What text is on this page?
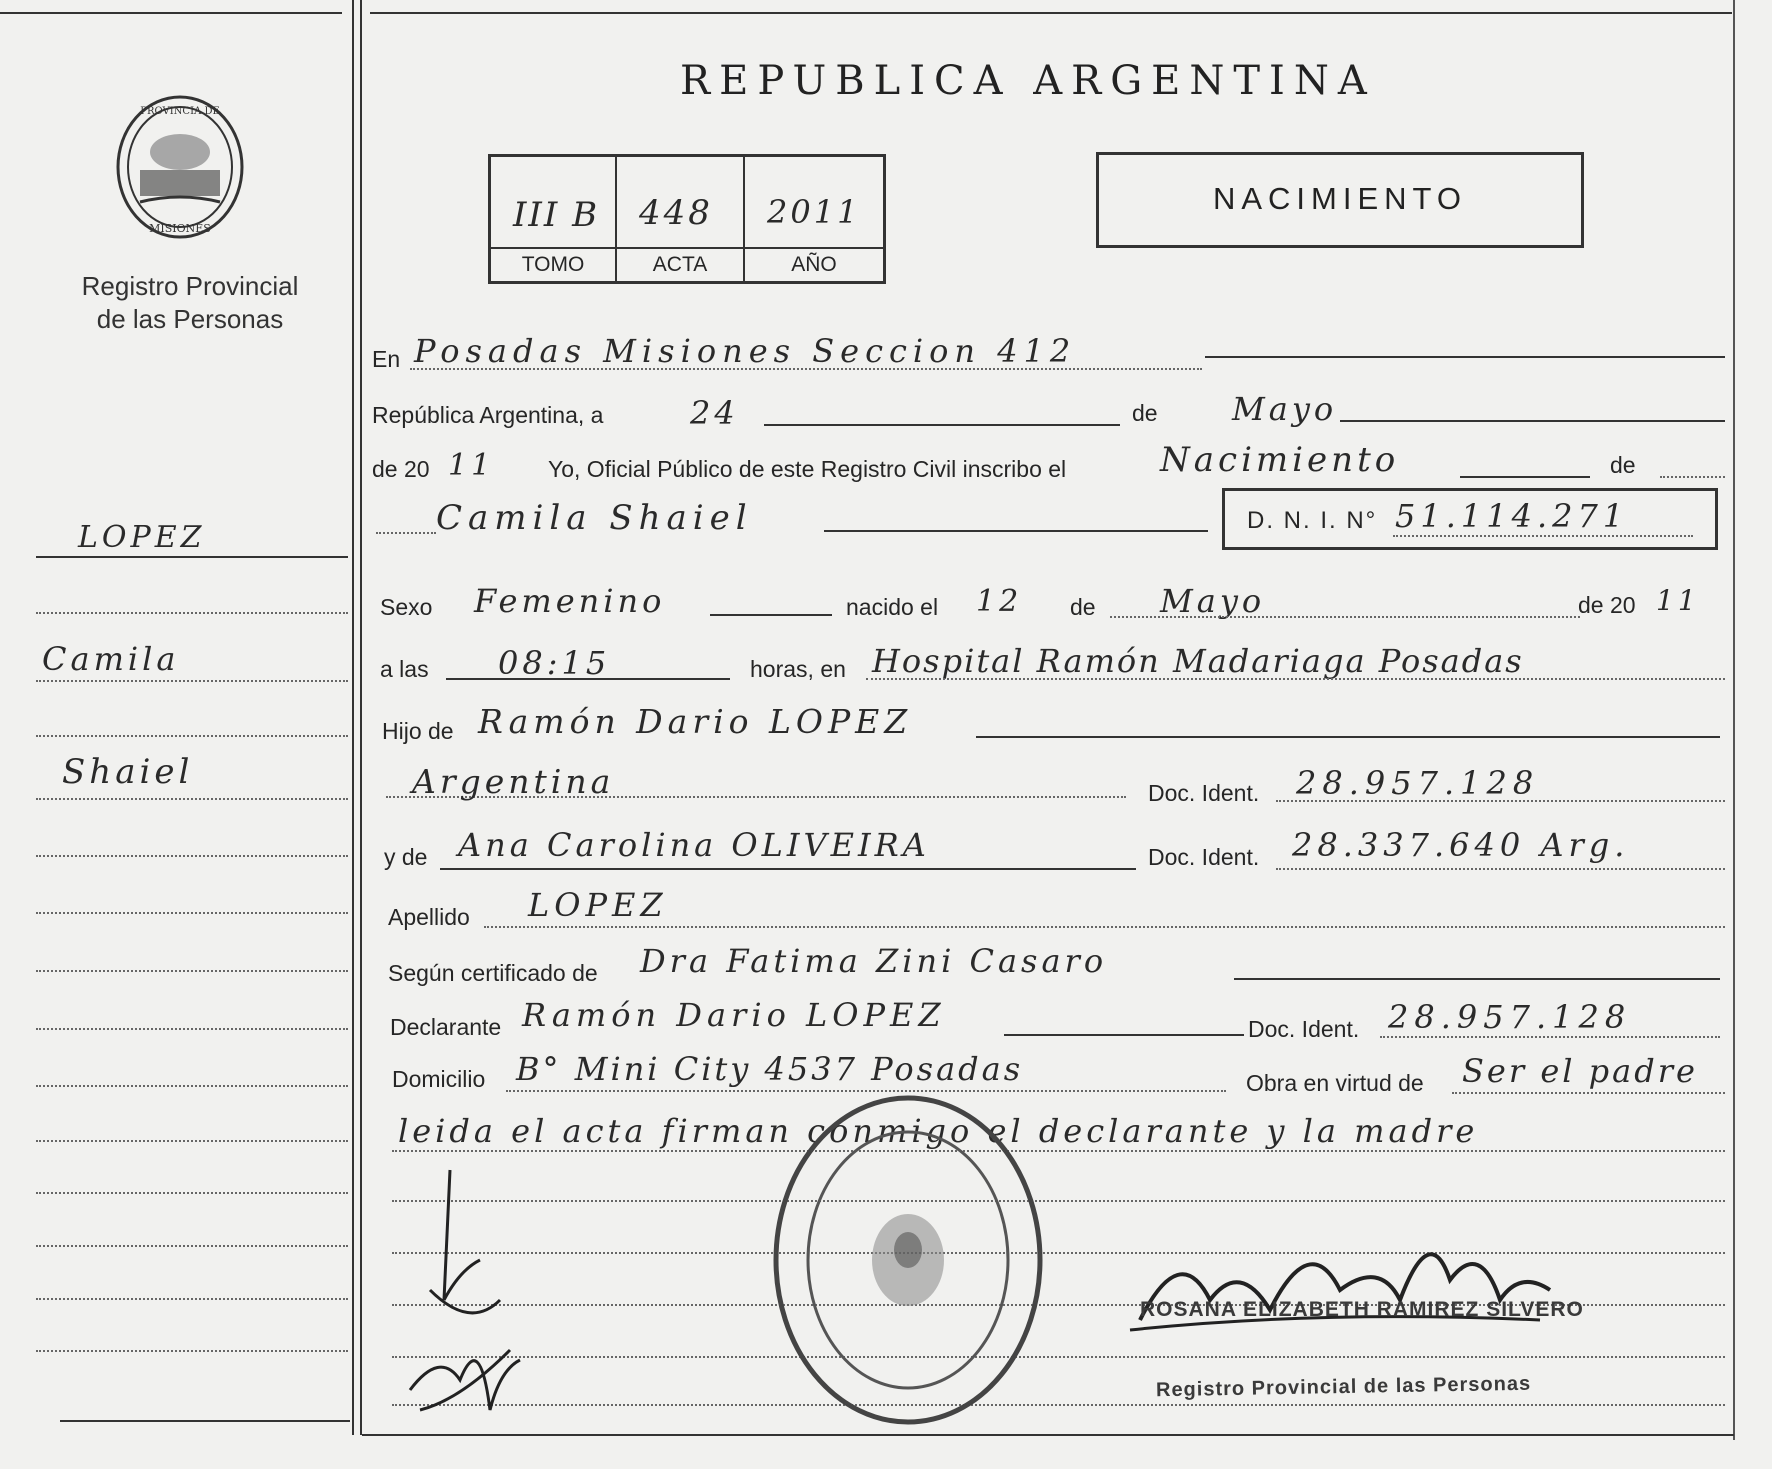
PROVINCIA DE
MISIONES
Registro Provincial
de las Personas
LOPEZ
Camila
Shaiel
REPUBLICA ARGENTINA
III B 448 2011
TOMO	ACTA	AÑO
NACIMIENTO
En Posadas Misiones Seccion 412
República Argentina, a	24	de Mayo
de 20 11 Yo, Oficial Público de este Registro Civil inscribo el	Nacimiento	de
Camila Shaiel	D. N. I. N° 51.114.271
Sexo Femenino	nacido el 12 de Mayo	de 20 11
a las 08:15	horas, en Hospital Ramón Madariaga Posadas
Hijo de Ramón Dario LOPEZ
Argentina	Doc. Ident. 28.957.128
y de Ana Carolina OLIVEIRA	Doc. Ident. 28.337.640 Arg.
Apellido LOPEZ
Según certificado de Dra Fatima Zini Casaro
Declarante Ramón Dario LOPEZ	Doc. Ident. 28.957.128
Domicilio B° Mini City 4537 Posadas	Obra en virtud de Ser el padre
leida el acta firman conmigo el declarante y la madre
ROSANA ELIZABETH RAMIREZ SILVERO
Registro Provincial de las Personas
